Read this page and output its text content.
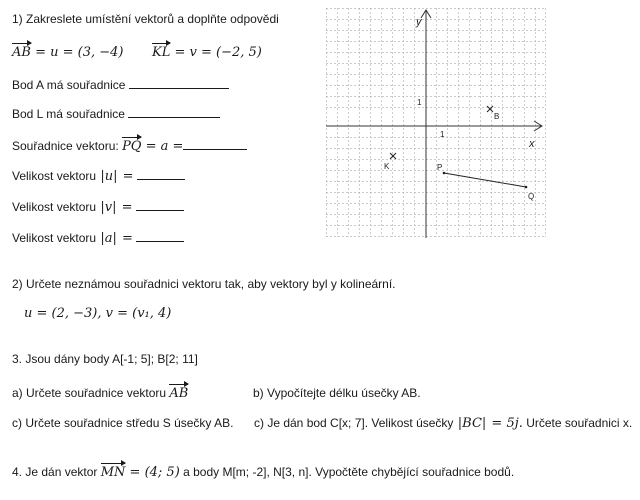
1) Zakreslete umístění vektorů a doplňte odpovědi
AB = u = (3, −4) KL = v = (−2, 5)
Bod A má souřadnice
Bod L má souřadnice
Souřadnice vektoru: PQ = a =
Velikost vektoru | u | =
Velikost vektoru | v | =
Velikost vektoru | a | =
y
x
1
1
B
K	P
Q
2) Určete neznámou souřadnici vektoru tak, aby vektory byl y kolineární.
u = (2, −3), v = (v₁, 4)
3. Jsou dány body A[-1; 5]; B[2; 11]
a) Určete souřadnice vektoru AB	b) Vypočítejte délku úsečky AB.
c) Určete souřadnice středu S úsečky AB. c) Je dán bod C[x; 7]. Velikost úsečky | BC | = 5j. Určete souřadnici x.
4. Je dán vektor MN = (4; 5) a body M[m; -2], N[3, n]. Vypočtěte chybějící souřadnice bodů.
